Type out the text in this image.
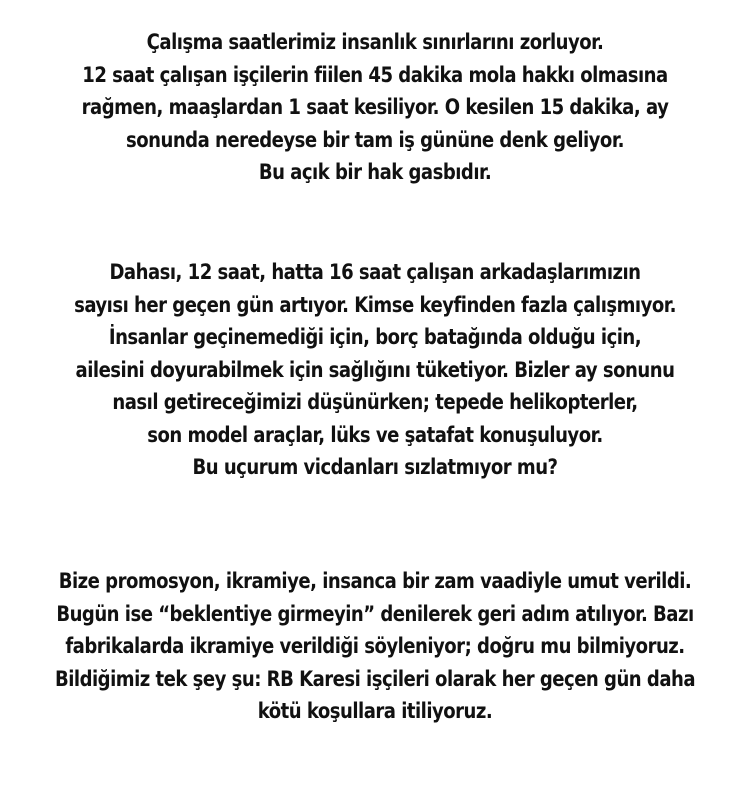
Çalışma saatlerimiz insanlık sınırlarını zorluyor.
12 saat çalışan işçilerin fiilen 45 dakika mola hakkı olmasına
rağmen, maaşlardan 1 saat kesiliyor. O kesilen 15 dakika, ay
sonunda neredeyse bir tam iş gününe denk geliyor.
Bu açık bir hak gasbıdır.
Dahası, 12 saat, hatta 16 saat çalışan arkadaşlarımızın
sayısı her geçen gün artıyor. Kimse keyfinden fazla çalışmıyor.
İnsanlar geçinemediği için, borç batağında olduğu için,
ailesini doyurabilmek için sağlığını tüketiyor. Bizler ay sonunu
nasıl getireceğimizi düşünürken; tepede helikopterler,
son model araçlar, lüks ve şatafat konuşuluyor.
Bu uçurum vicdanları sızlatmıyor mu?
Bize promosyon, ikramiye, insanca bir zam vaadiyle umut verildi.
Bugün ise “beklentiye girmeyin” denilerek geri adım atılıyor. Bazı
fabrikalarda ikramiye verildiği söyleniyor; doğru mu bilmiyoruz.
Bildiğimiz tek şey şu: RB Karesi işçileri olarak her geçen gün daha
kötü koşullara itiliyoruz.
